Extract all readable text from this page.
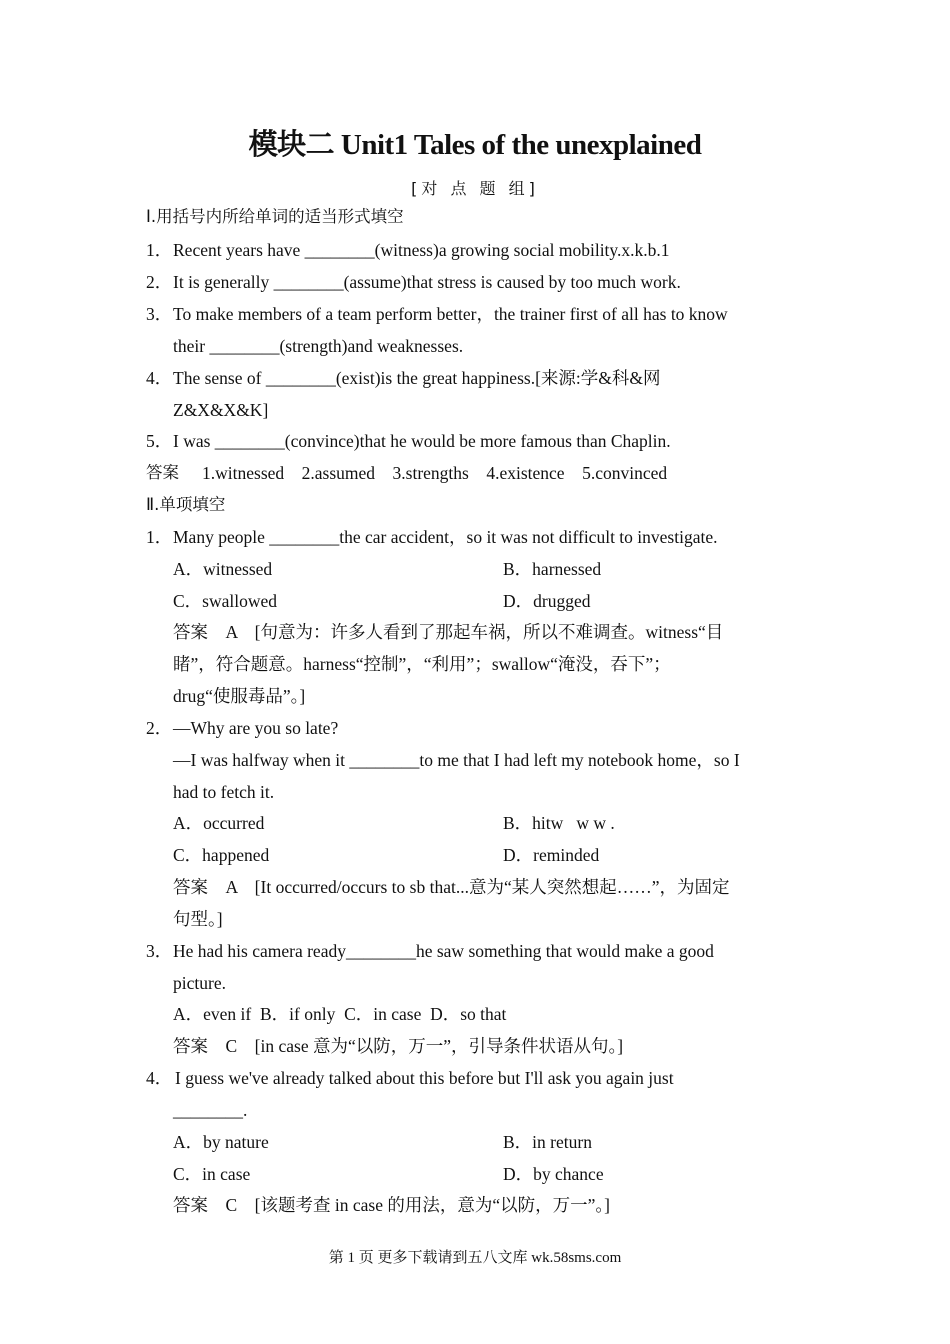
模块二 Unit1 Tales of the unexplained
[对 点 题 组]
Ⅰ.用括号内所给单词的适当形式填空
1． Recent years have ________(witness)a growing social mobility.x.k.b.1
2． It is generally ________(assume)that stress is caused by too much work.
3． To make members of a team perform better，the trainer first of all has to know
their ________(strength)and weaknesses.
4． The sense of ________(exist)is the great happiness.[来源:学&科&网
Z&X&X&K]
5． I was ________(convince)that he would be more famous than Chaplin.
答案 1.witnessed    2.assumed    3.strengths    4.existence    5.convinced
Ⅱ.单项填空
1． Many people ________the car accident，so it was not difficult to investigate.
A．witnessed	B．harnessed
C．swallowed	D．drugged
答案    A    [句意为：许多人看到了那起车祸，所以不难调查。witness“目
睹”，符合题意。harness“控制”，“利用”；swallow“淹没，吞下”；
drug“使服毒品”。]
2． —Why are you so late?
—I was halfway when it ________to me that I had left my notebook home，so I
had to fetch it.
A．occurred	B．hitw   w w .
C．happened	D．reminded
答案    A    [It occurred/occurs to sb that...意为“某人突然想起……”，为固定
句型。]
3． He had his camera ready________he saw something that would make a good
picture.
A．even if  B．if only  C．in case  D．so that
答案    C    [in case 意为“以防，万一”，引导条件状语从句。]
4． I guess we've already talked about this before but I'll ask you again just
________.
A．by nature	B．in return
C．in case	D．by chance
答案    C    [该题考查 in case 的用法，意为“以防，万一”。]
第 1 页 更多下载请到五八文库 wk.58sms.com
